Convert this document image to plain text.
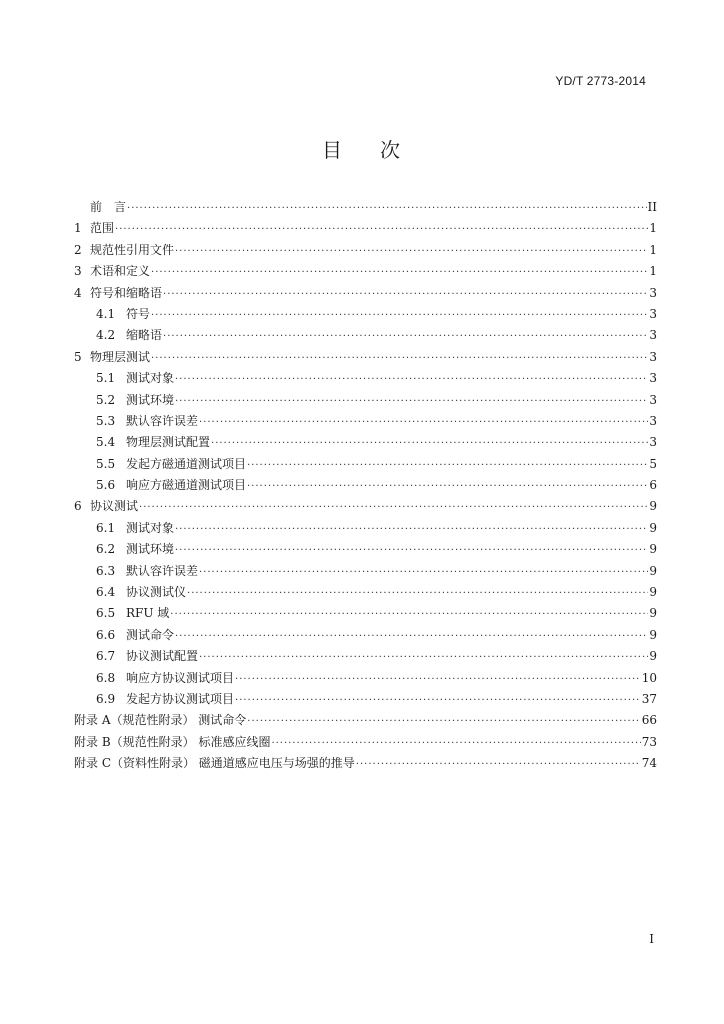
YD/T 2773-2014
目 次
前　言 ·····	II
1 范围 ·····	1
2 规范性引用文件 ·····	1
3 术语和定义 ·····	1
4 符号和缩略语 ·····	3
4.1 符号 ·····	3
4.2 缩略语 ·····	3
5 物理层测试 ·····	3
5.1 测试对象 ·····	3
5.2 测试环境 ·····	3
5.3 默认容许误差 ·····	3
5.4 物理层测试配置 ·····	3
5.5 发起方磁通道测试项目 ·····	5
5.6 响应方磁通道测试项目 ·····	6
6 协议测试 ·····	9
6.1 测试对象 ·····	9
6.2 测试环境 ·····	9
6.3 默认容许误差 ·····	9
6.4 协议测试仪 ·····	9
6.5 RFU 域 ·····	9
6.6 测试命令 ·····	9
6.7 协议测试配置 ·····	9
6.8 响应方协议测试项目 ·····	10
6.9 发起方协议测试项目 ·····	37
附录 A（规范性附录） 测试命令 ·····	66
附录 B（规范性附录） 标准感应线圈 ·····	73
附录 C（资料性附录） 磁通道感应电压与场强的推导 ·····	74
I
